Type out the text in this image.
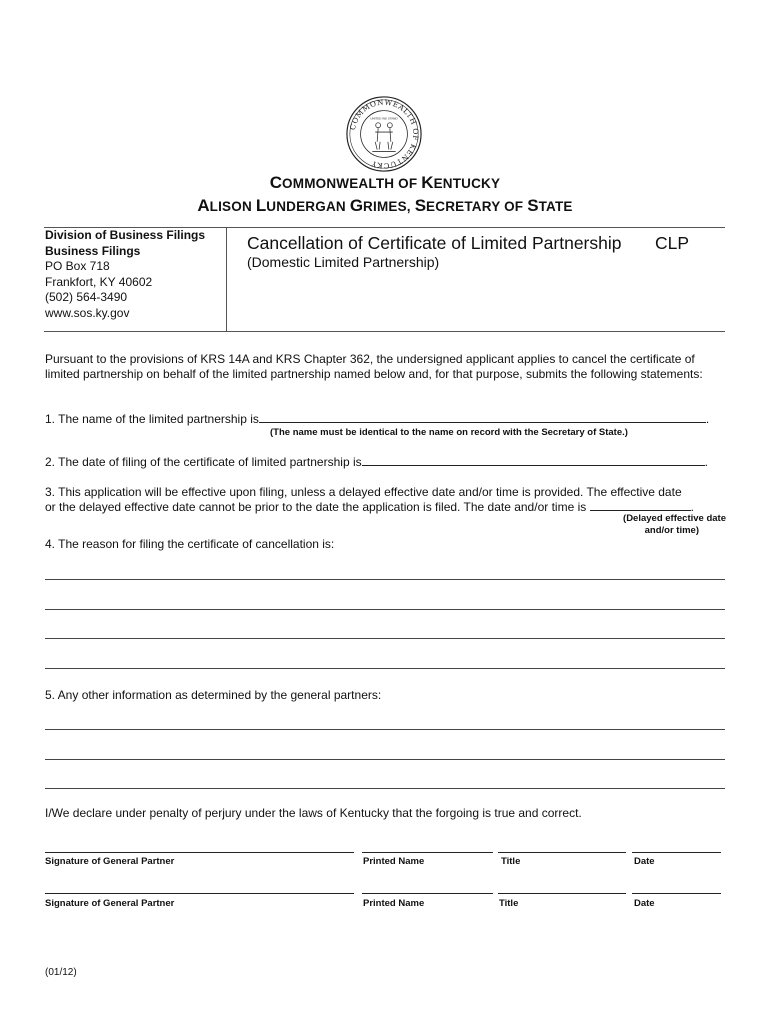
COMMONWEALTH OF KENTUCKY
UNITED WE STAND
COMMONWEALTH OF KENTUCKY
ALISON LUNDERGAN GRIMES, SECRETARY OF STATE
Division of Business Filings
Business Filings
PO Box 718
Frankfort, KY 40602
(502) 564-3490
www.sos.ky.gov
Cancellation of Certificate of Limited Partnership CLP
(Domestic Limited Partnership)
Pursuant to the provisions of KRS 14A and KRS Chapter 362, the undersigned applicant applies to cancel the certificate of limited partnership on behalf of the limited partnership named below and, for that purpose, submits the following statements:
1. The name of the limited partnership is	.
(The name must be identical to the name on record with the Secretary of State.)
2. The date of filing of the certificate of limited partnership is	.
3. This application will be effective upon filing, unless a delayed effective date and/or time is provided. The effective date
or the delayed effective date cannot be prior to the date the application is filed. The date and/or time is	.
(Delayed effective date
and/or time)
4. The reason for filing the certificate of cancellation is:
5. Any other information as determined by the general partners:
I/We declare under penalty of perjury under the laws of Kentucky that the forgoing is true and correct.
Signature of General Partner	Printed Name	Title	Date
Signature of General Partner	Printed Name	Title	Date
(01/12)
